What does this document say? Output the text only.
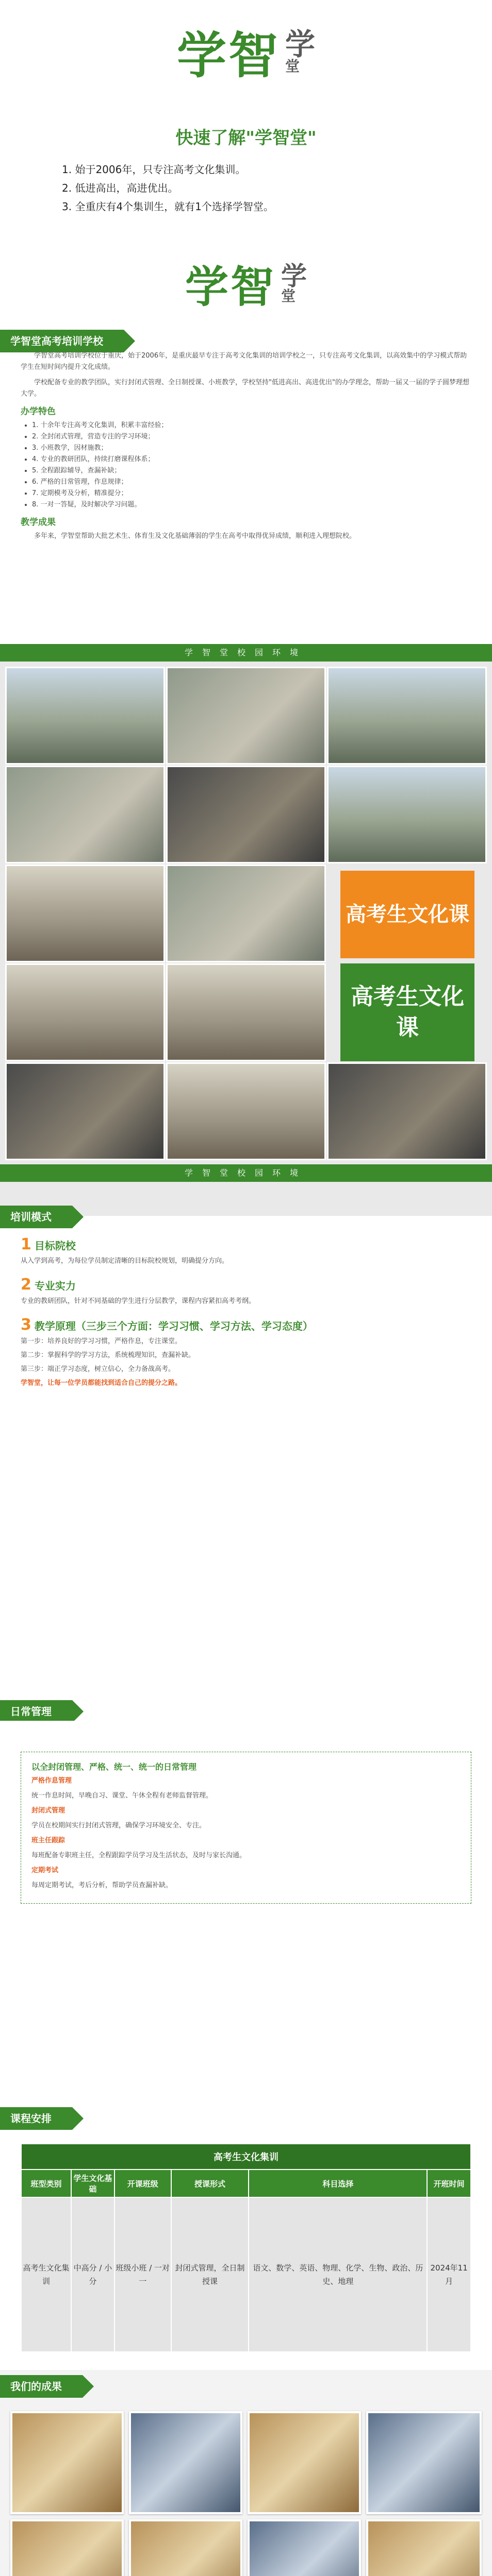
学智 学
堂
快速了解"学智堂"
1. 始于2006年，只专注高考文化集训。
2. 低进高出，高进优出。
3. 全重庆有4个集训生，就有1个选择学智堂。
学智 学
堂
学智堂高考培训学校

学智堂高考培训学校位于重庆，始于2006年，是重庆最早专注于高考文化集训的培训学校之一，只专注高考文化集训，以高效集中的学习模式帮助学生在短时间内提升文化成绩。

学校配备专业的教学团队，实行封闭式管理、全日制授课、小班教学，学校坚持"低进高出、高进优出"的办学理念，帮助一届又一届的学子圆梦理想大学。

办学特色
• 1. 十余年专注高考文化集训，积累丰富经验；
• 2. 全封闭式管理，营造专注的学习环境；
• 3. 小班教学，因材施教；
• 4. 专业的教研团队，持续打磨课程体系；
• 5. 全程跟踪辅导，查漏补缺；
• 6. 严格的日常管理，作息规律；
• 7. 定期模考及分析，精准提分；
• 8. 一对一答疑，及时解决学习问题。
教学成果

多年来，学智堂帮助大批艺术生、体育生及文化基础薄弱的学生在高考中取得优异成绩，顺利进入理想院校。

学智堂校园环境
高考生文化课
高考生文化课
学智堂校园环境
培训模式
1 目标院校

从入学到高考，为每位学员制定清晰的目标院校规划，明确提分方向。

2 专业实力

专业的教研团队，针对不同基础的学生进行分层教学，课程内容紧扣高考考纲。

3 教学原理（三步三个方面：学习习惯、学习方法、学习态度）

第一步：培养良好的学习习惯，严格作息，专注课堂。

第二步：掌握科学的学习方法，系统梳理知识，查漏补缺。

第三步：端正学习态度，树立信心，全力备战高考。

学智堂，让每一位学员都能找到适合自己的提分之路。

日常管理
以全封闭管理、严格、统一、统一的日常管理

严格作息管理

统一作息时间，早晚自习、课堂、午休全程有老师监督管理。

封闭式管理

学员在校期间实行封闭式管理，确保学习环境安全、专注。

班主任跟踪

每班配备专职班主任，全程跟踪学员学习及生活状态，及时与家长沟通。

定期考试

每周定期考试，考后分析，帮助学员查漏补缺。

课程安排
高考生文化集训					
班型类别	学生文化基础	开课班级	授课形式	科目选择	开班时间
高考生文化集训	中高分 / 小分	班级小班 / 一对一	封闭式管理，全日制授课	语文、数学、英语、物理、化学、生物、政治、历史、地理	2024年11月
我们的成果
